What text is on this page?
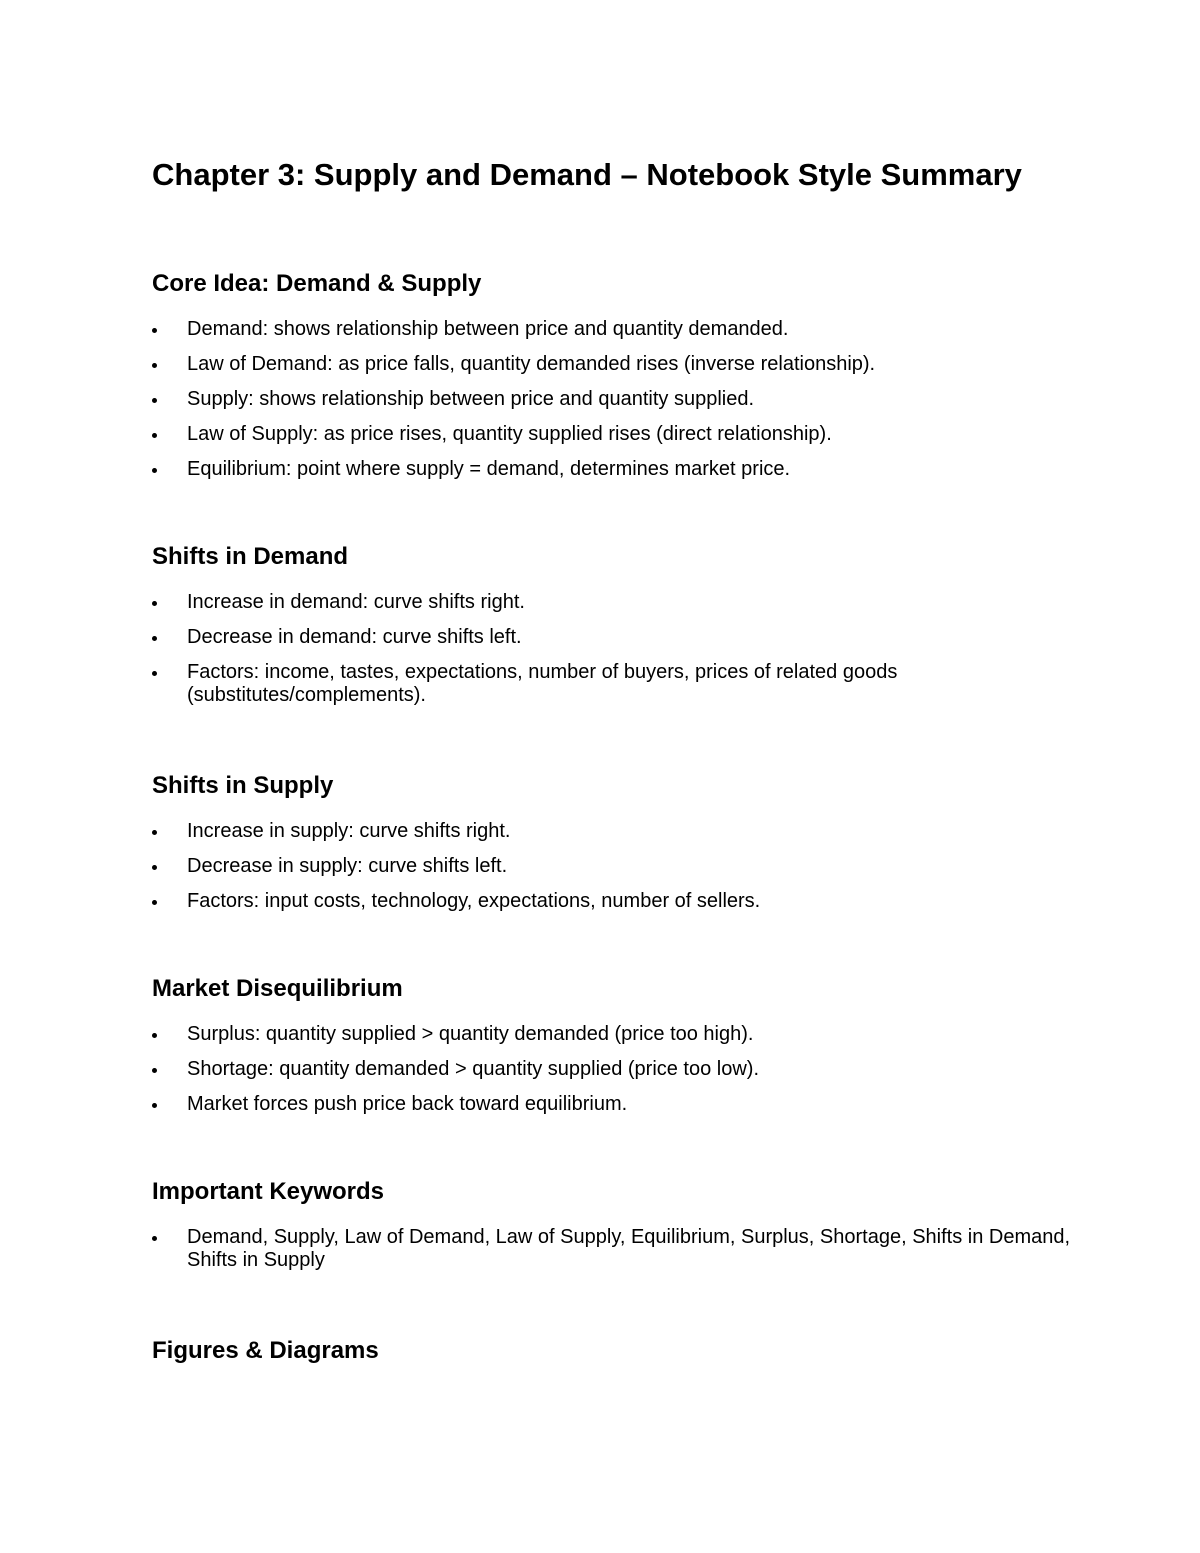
Chapter 3: Supply and Demand – Notebook Style Summary
Core Idea: Demand & Supply
Demand: shows relationship between price and quantity demanded.
Law of Demand: as price falls, quantity demanded rises (inverse relationship).
Supply: shows relationship between price and quantity supplied.
Law of Supply: as price rises, quantity supplied rises (direct relationship).
Equilibrium: point where supply = demand, determines market price.
Shifts in Demand
Increase in demand: curve shifts right.
Decrease in demand: curve shifts left.
Factors: income, tastes, expectations, number of buyers, prices of related goods (substitutes/complements).
Shifts in Supply
Increase in supply: curve shifts right.
Decrease in supply: curve shifts left.
Factors: input costs, technology, expectations, number of sellers.
Market Disequilibrium
Surplus: quantity supplied > quantity demanded (price too high).
Shortage: quantity demanded > quantity supplied (price too low).
Market forces push price back toward equilibrium.
Important Keywords
Demand, Supply, Law of Demand, Law of Supply, Equilibrium, Surplus, Shortage, Shifts in Demand, Shifts in Supply
Figures & Diagrams
